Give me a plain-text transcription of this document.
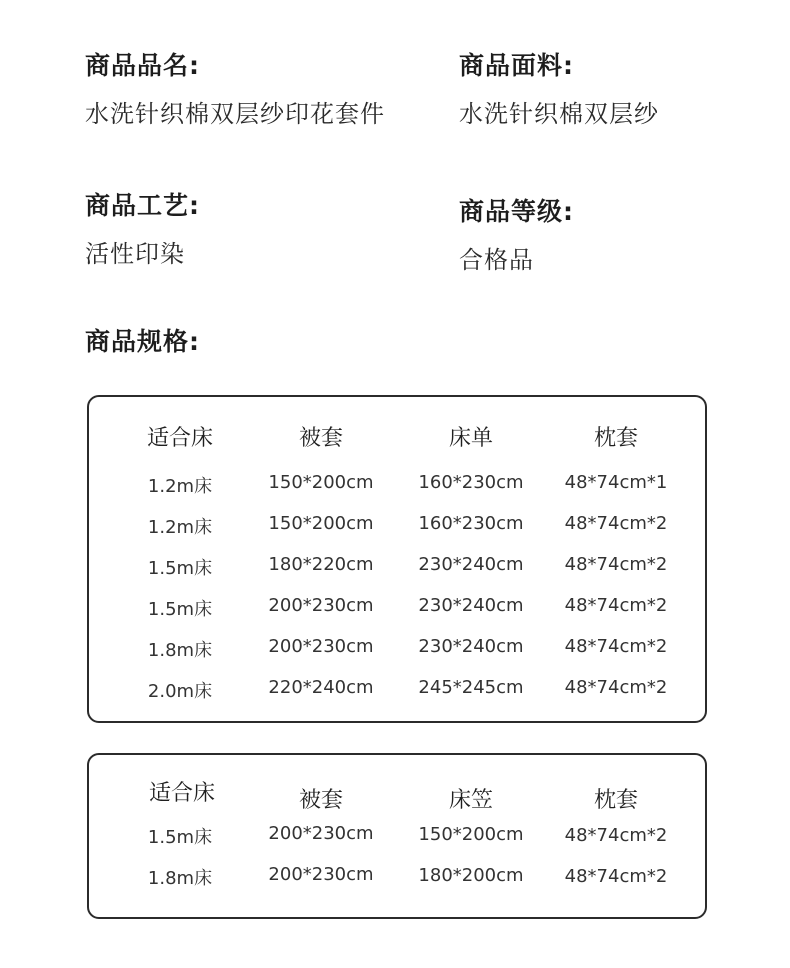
商品品名:
水洗针织棉双层纱印花套件
商品面料:
水洗针织棉双层纱
商品工艺:
活性印染
商品等级:
合格品
商品规格:
适合床	被套	床单	枕套
1.2m床	150*200cm 160*230cm 48*74cm*1
1.2m床	150*200cm 160*230cm 48*74cm*2
1.5m床	180*220cm 230*240cm 48*74cm*2
1.5m床	200*230cm 230*240cm 48*74cm*2
1.8m床	200*230cm 230*240cm 48*74cm*2
2.0m床	220*240cm 245*245cm 48*74cm*2
适合床	被套	床笠	枕套
1.5m床	200*230cm 150*200cm 48*74cm*2
1.8m床	200*230cm 180*200cm 48*74cm*2
